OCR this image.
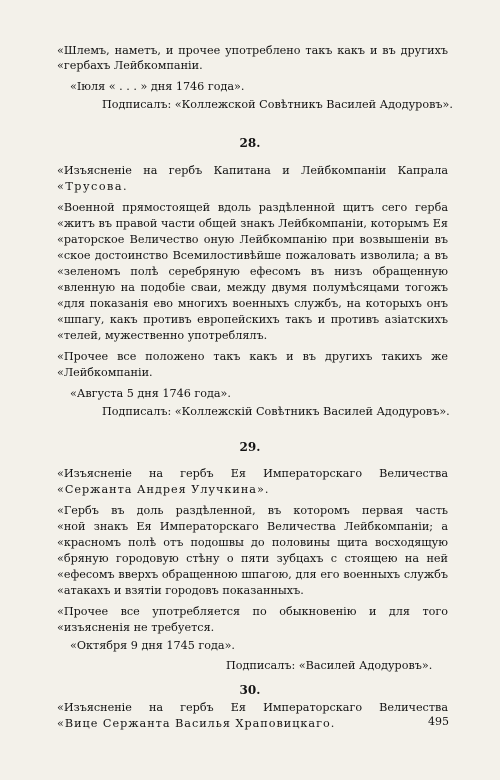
«Шлемъ, наметъ, и прочее употреблено такъ какъ и въ другихъ
«гербахъ Лейбкомпаніи.
«Іюля « . . . » дня 1746 года».
Подписалъ: «Коллежской Совѣтникъ Василей Адодуровъ».
28.
«Изъясненіе на гербъ Капитана и Лейбкомпаніи Капрала
«Трусова.
«Военной прямостоящей вдоль раздѣленной щитъ сего герба
«житъ въ правой части общей знакъ Лейбкомпаніи, которымъ Ея
«раторское Величество оную Лейбкомпанію при возвышеніи въ
«ское достоинство Всемилостивѣйше пожаловать изволила; а въ
«зеленомъ полѣ серебряную ефесомъ въ низъ обращенную
«вленную на подобіе сваи, между двумя полумѣсяцами тогожъ
«для показанія ево многихъ военныхъ службъ, на которыхъ онъ
«шпагу, какъ противъ европейскихъ такъ и противъ азіатскихъ
«телей, мужественно употреблялъ.
«Прочее все положено такъ какъ и въ другихъ такихъ же
«Лейбкомпаніи.
«Августа 5 дня 1746 года».
Подписалъ: «Коллежскій Совѣтникъ Василей Адодуровъ».
29.
«Изъясненіе на гербъ Ея Императорскаго Величества
«Сержанта Андрея Улучкина».
«Гербъ въ доль раздѣленной, въ которомъ первая часть
«ной знакъ Ея Императорскаго Величества Лейбкомпаніи; а
«красномъ полѣ отъ подошвы до половины щита восходящую
«бряную городовую стѣну о пяти зубцахъ с стоящею на ней
«ефесомъ вверхъ обращенною шпагою, для его военныхъ службъ
«атакахъ и взятіи городовъ показанныхъ.
«Прочее все употребляется по обыкновенію и для того
«изъясненія не требуется.
«Октября 9 дня 1745 года».
Подписалъ: «Василей Адодуровъ».
30.
«Изъясненіе на гербъ Ея Императорскаго Величества
«Вице Сержанта Василья Храповицкаго.	495
